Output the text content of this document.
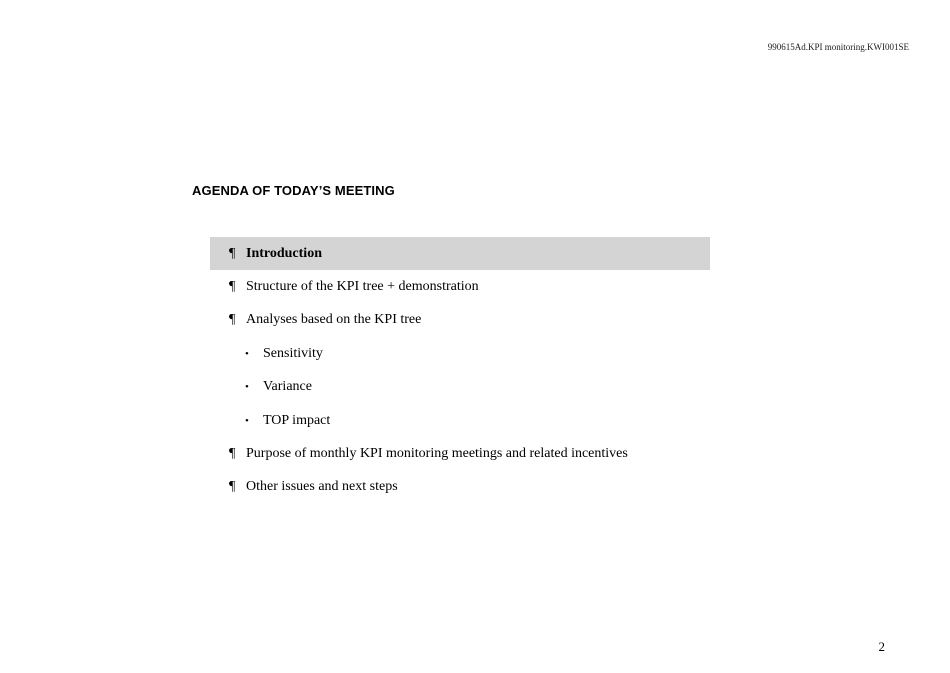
990615Ad.KPI monitoring.KWI001SE
AGENDA OF TODAY’S MEETING
¶ Introduction
¶ Structure of the KPI tree + demonstration
¶ Analyses based on the KPI tree
• Sensitivity
• Variance
• TOP impact
¶ Purpose of monthly KPI monitoring meetings and related incentives
¶ Other issues and next steps
2
